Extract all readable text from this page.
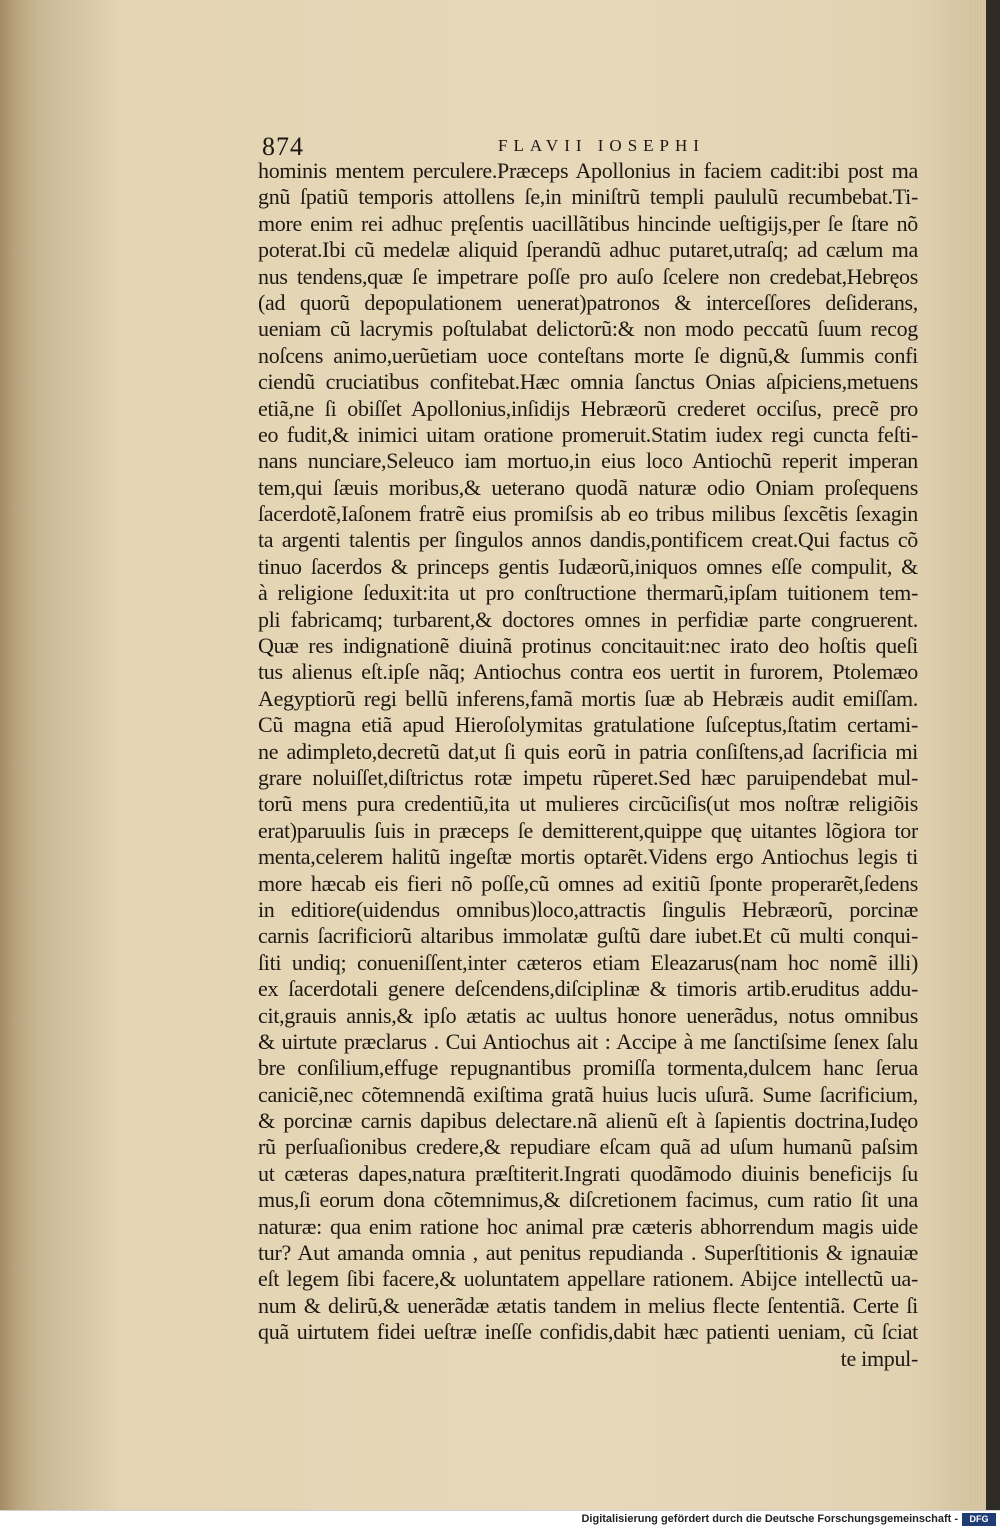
874	FLAVII IOSEPHI
hominis mentem perculere.Præceps Apollonius in faciem cadit:ibi post ma
gnũ ſpatiũ temporis attollens ſe,in miniſtrũ templi paululũ recumbebat.Ti-
more enim rei adhuc pręſentis uacillãtibus hincinde ueſtigijs,per ſe ſtare nõ
poterat.Ibi cũ medelæ aliquid ſperandũ adhuc putaret,utraſq; ad cælum ma
nus tendens,quæ ſe impetrare poſſe pro auſo ſcelere non credebat,Hebręos
(ad quorũ depopulationem uenerat)patronos & interceſſores deſiderans,
ueniam cũ lacrymis poſtulabat delictorũ:& non modo peccatũ ſuum recog
noſcens animo,uerũetiam uoce conteſtans morte ſe dignũ,& ſummis confi
ciendũ cruciatibus confitebat.Hæc omnia ſanctus Onias aſpiciens,metuens
etiã,ne ſi obiſſet Apollonius,inſidijs Hebræorũ crederet occiſus, precẽ pro
eo fudit,& inimici uitam oratione promeruit.Statim iudex regi cuncta feſti-
nans nunciare,Seleuco iam mortuo,in eius loco Antiochũ reperit imperan
tem,qui ſæuis moribus,& ueterano quodã naturæ odio Oniam proſequens
ſacerdotẽ,Iaſonem fratrẽ eius promiſsis ab eo tribus milibus ſexcẽtis ſexagin
ta argenti talentis per ſingulos annos dandis,pontificem creat.Qui factus cõ
tinuo ſacerdos & princeps gentis Iudæorũ,iniquos omnes eſſe compulit, &
à religione ſeduxit:ita ut pro conſtructione thermarũ,ipſam tuitionem tem-
pli fabricamq; turbarent,& doctores omnes in perfidiæ parte congruerent.
Quæ res indignationẽ diuinã protinus concitauit:nec irato deo hoſtis queſi
tus alienus eſt.ipſe nãq; Antiochus contra eos uertit in furorem, Ptolemæo
Aegyptiorũ regi bellũ inferens,famã mortis ſuæ ab Hebræis audit emiſſam.
Cũ magna etiã apud Hieroſolymitas gratulatione ſuſceptus,ſtatim certami-
ne adimpleto,decretũ dat,ut ſi quis eorũ in patria conſiſtens,ad ſacrificia mi
grare noluiſſet,diſtrictus rotæ impetu rũperet.Sed hæc paruipendebat mul-
torũ mens pura credentiũ,ita ut mulieres circũciſis(ut mos noſtræ religiõis
erat)paruulis ſuis in præceps ſe demitterent,quippe quę uitantes lõgiora tor
menta,celerem halitũ ingeſtæ mortis optarẽt.Videns ergo Antiochus legis ti
more hæcab eis fieri nõ poſſe,cũ omnes ad exitiũ ſponte properarẽt,ſedens
in editiore(uidendus omnibus)loco,attractis ſingulis Hebræorũ, porcinæ
carnis ſacrificiorũ altaribus immolatæ guſtũ dare iubet.Et cũ multi conqui-
ſiti undiq; conueniſſent,inter cæteros etiam Eleazarus(nam hoc nomẽ illi)
ex ſacerdotali genere deſcendens,diſciplinæ & timoris artib.eruditus addu-
cit,grauis annis,& ipſo ætatis ac uultus honore uenerãdus, notus omnibus
& uirtute præclarus . Cui Antiochus ait : Accipe à me ſanctiſsime ſenex ſalu
bre conſilium,effuge repugnantibus promiſſa tormenta,dulcem hanc ſerua
caniciẽ,nec cõtemnendã exiſtima gratã huius lucis uſurã. Sume ſacrificium,
& porcinæ carnis dapibus delectare.nã alienũ eſt à ſapientis doctrina,Iudęo
rũ perſuaſionibus credere,& repudiare eſcam quã ad uſum humanũ paſsim
ut cæteras dapes,natura præſtiterit.Ingrati quodãmodo diuinis beneficijs ſu
mus,ſi eorum dona cõtemnimus,& diſcretionem facimus, cum ratio ſit una
naturæ: qua enim ratione hoc animal præ cæteris abhorrendum magis uide
tur? Aut amanda omnia , aut penitus repudianda . Superſtitionis & ignauiæ
eſt legem ſibi facere,& uoluntatem appellare rationem. Abijce intellectũ ua-
num & delirũ,& uenerãdæ ætatis tandem in melius flecte ſententiã. Certe ſi
quã uirtutem fidei ueſtræ ineſſe confidis,dabit hæc patienti ueniam, cũ ſciat
te impul-
Digitalisierung gefördert durch die Deutsche Forschungsgemeinschaft -	DFG
